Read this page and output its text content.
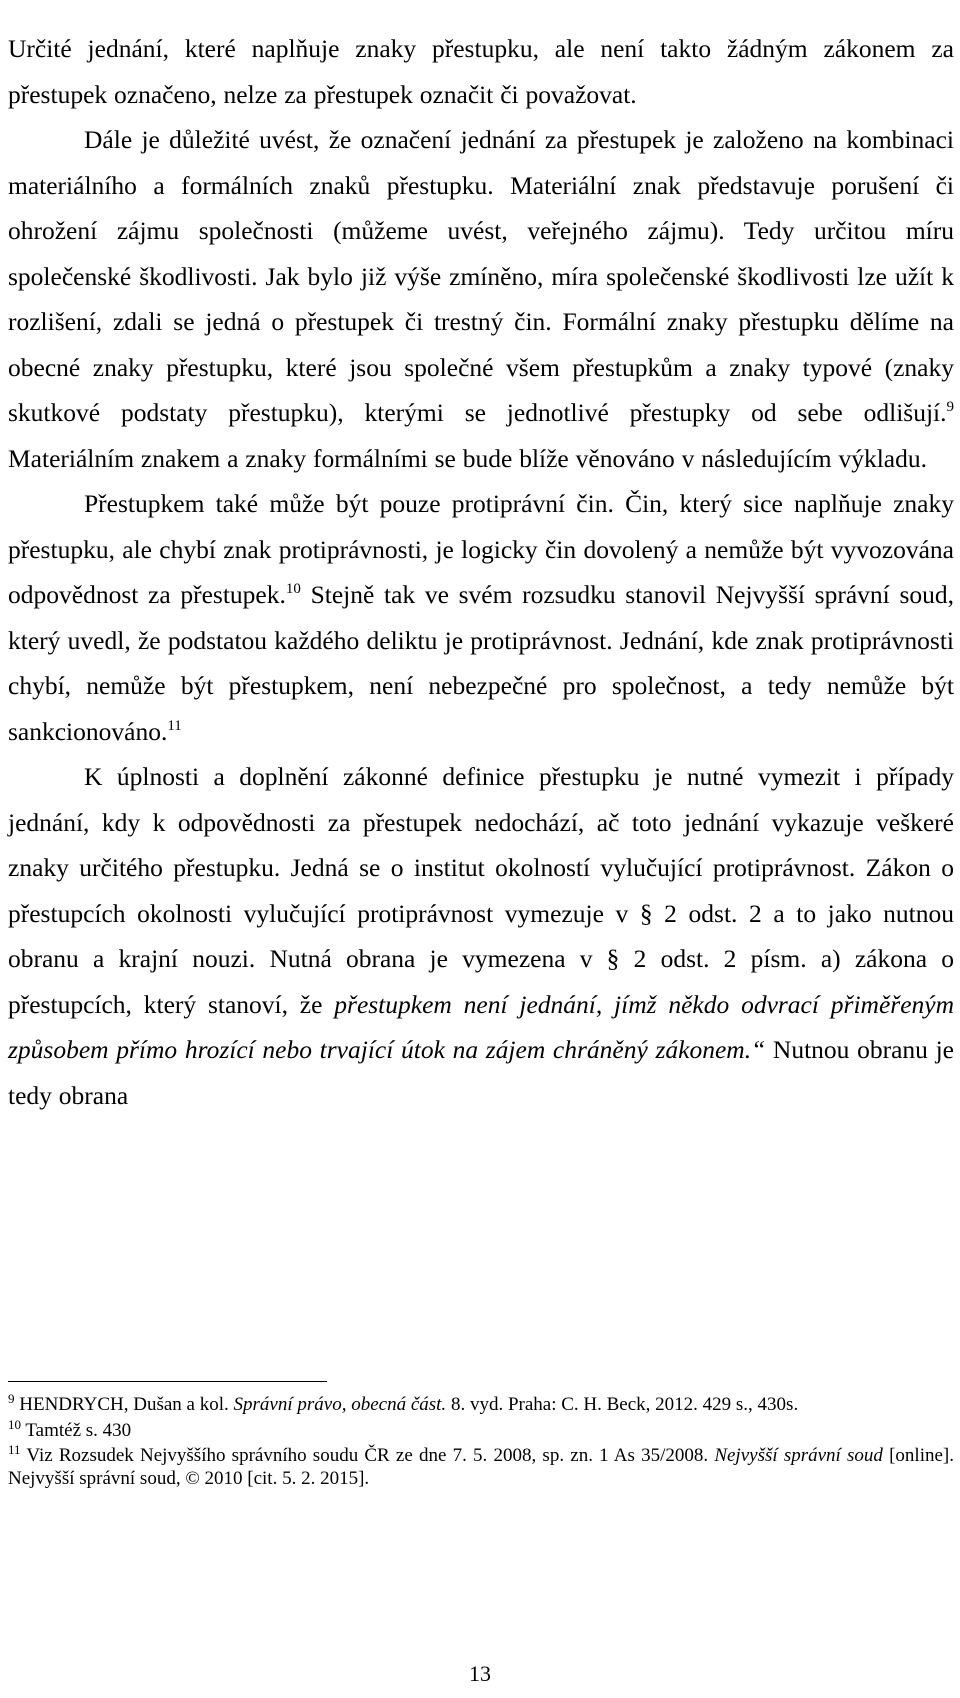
Určité jednání, které naplňuje znaky přestupku, ale není takto žádným zákonem za přestupek označeno, nelze za přestupek označit či považovat.

Dále je důležité uvést, že označení jednání za přestupek je založeno na kombinaci materiálního a formálních znaků přestupku. Materiální znak představuje porušení či ohrožení zájmu společnosti (můžeme uvést, veřejného zájmu). Tedy určitou míru společenské škodlivosti. Jak bylo již výše zmíněno, míra společenské škodlivosti lze užít k rozlišení, zdali se jedná o přestupek či trestný čin. Formální znaky přestupku dělíme na obecné znaky přestupku, které jsou společné všem přestupkům a znaky typové (znaky skutkové podstaty přestupku), kterými se jednotlivé přestupky od sebe odlišují.$^9$ Materiálním znakem a znaky formálními se bude blíže věnováno v následujícím výkladu.

Přestupkem také může být pouze protiprávní čin. Čin, který sice naplňuje znaky přestupku, ale chybí znak protiprávnosti, je logicky čin dovolený a nemůže být vyvozována odpovědnost za přestupek.$^{10}$ Stejně tak ve svém rozsudku stanovil Nejvyšší správní soud, který uvedl, že podstatou každého deliktu je protiprávnost. Jednání, kde znak protiprávnosti chybí, nemůže být přestupkem, není nebezpečné pro společnost, a tedy nemůže být sankcionováno.$^{11}$

K úplnosti a doplnění zákonné definice přestupku je nutné vymezit i případy jednání, kdy k odpovědnosti za přestupek nedochází, ač toto jednání vykazuje veškeré znaky určitého přestupku. Jedná se o institut okolností vylučující protiprávnost. Zákon o přestupcích okolnosti vylučující protiprávnost vymezuje v § 2 odst. 2 a to jako nutnou obranu a krajní nouzi. Nutná obrana je vymezena v § 2 odst. 2 písm. a) zákona o přestupcích, který stanoví, že přestupkem není jednání, jímž někdo odvrací přiměřeným způsobem přímo hrozící nebo trvající útok na zájem chráněný zákonem.“ Nutnou obranu je tedy obrana

$^9$ HENDRYCH, Dušan a kol. Správní právo, obecná část. 8. vyd. Praha: C. H. Beck, 2012. 429 s., 430s.

$^{10}$ Tamtéž s. 430

$^{11}$ Viz Rozsudek Nejvyššího správního soudu ČR ze dne 7. 5. 2008, sp. zn. 1 As 35/2008. Nejvyšší správní soud [online]. Nejvyšší správní soud, © 2010 [cit. 5. 2. 2015].

13
